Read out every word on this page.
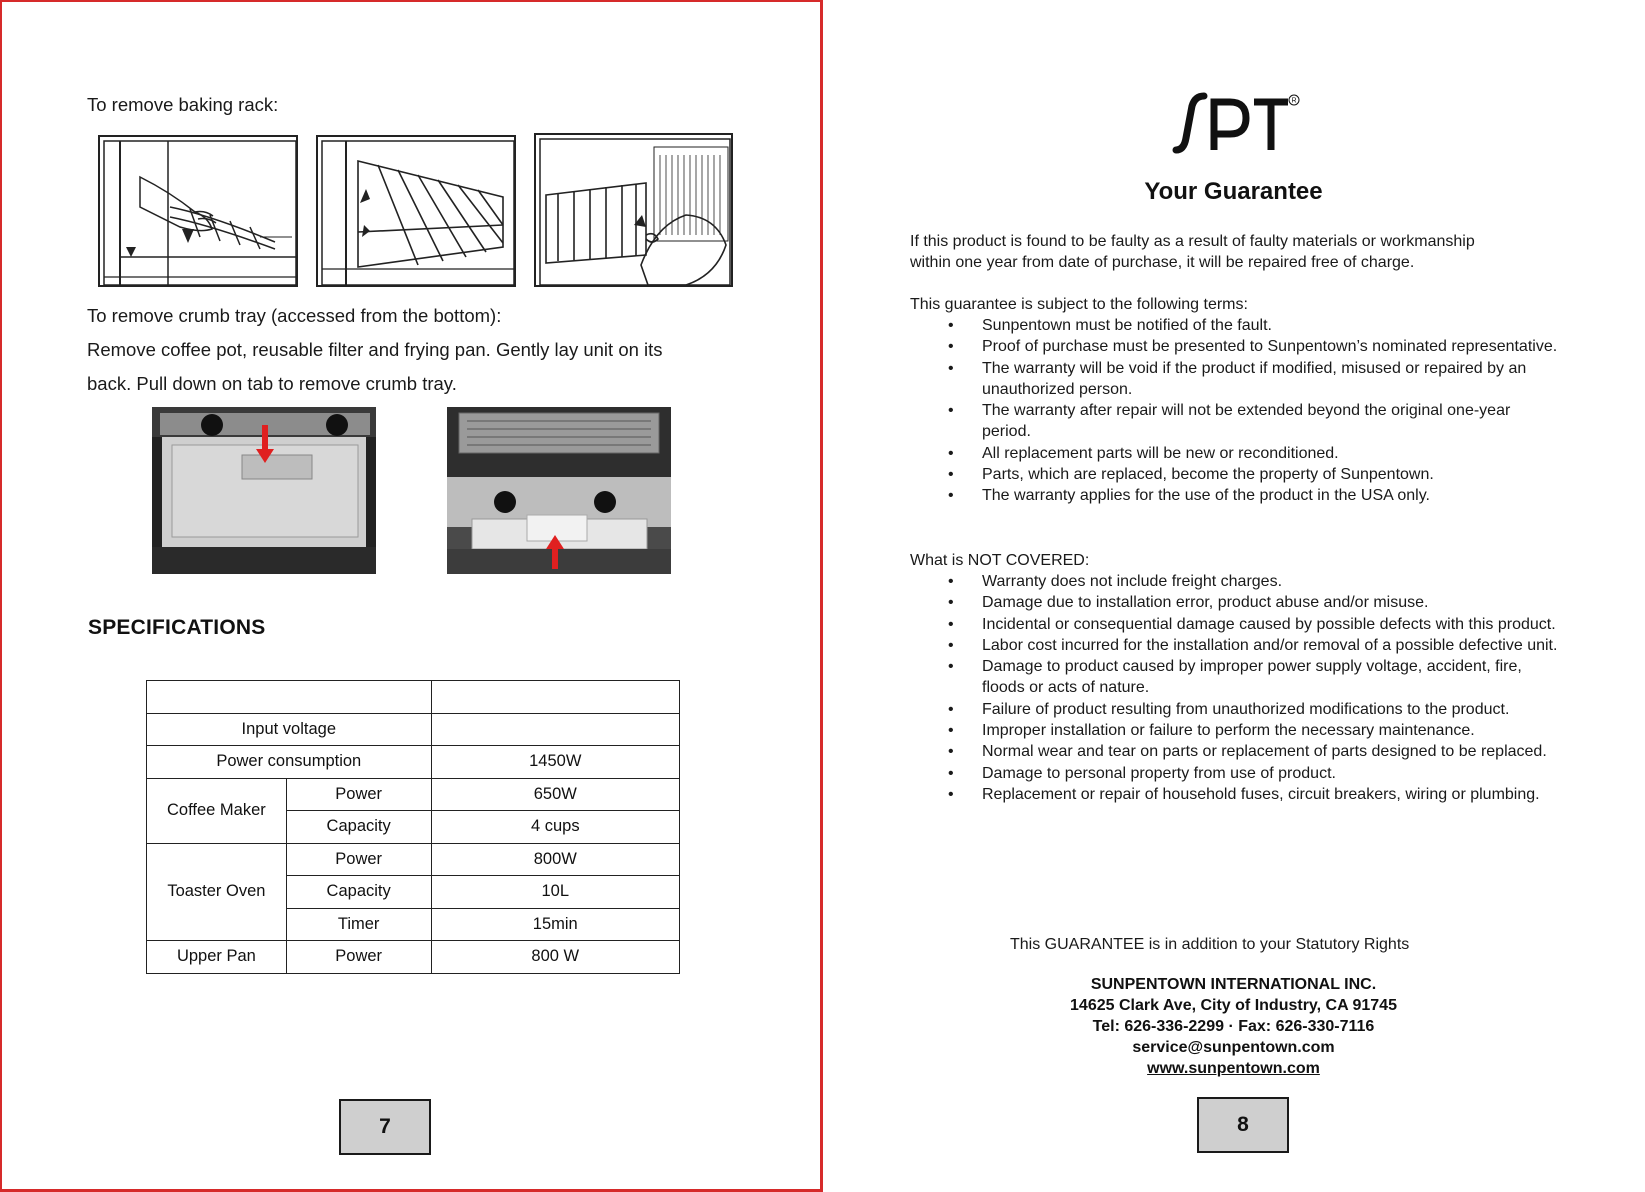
To remove baking rack:
To remove crumb tray (accessed from the bottom):
Remove coffee pot, reusable filter and frying pan. Gently lay unit on its
back. Pull down on tab to remove crumb tray.
SPECIFICATIONS

Input voltage		
Power consumption		1450W
Coffee Maker	Power	650W
	Capacity	4 cups
Toaster Oven	Power	800W
	Capacity	10L
	Timer	15min
Upper Pan	Power	800 W
7
R
Your Guarantee
If this product is found to be faulty as a result of faulty materials or workmanship
within one year from date of purchase, it will be repaired free of charge.
This guarantee is subject to the following terms:
• Sunpentown must be notified of the fault.
• Proof of purchase must be presented to Sunpentown’s nominated representative.
• The warranty will be void if the product if modified, misused or repaired by an unauthorized person.
• The warranty after repair will not be extended beyond the original one-year period.
• All replacement parts will be new or reconditioned.
• Parts, which are replaced, become the property of Sunpentown.
• The warranty applies for the use of the product in the USA only.
What is NOT COVERED:
• Warranty does not include freight charges.
• Damage due to installation error, product abuse and/or misuse.
• Incidental or consequential damage caused by possible defects with this product.
• Labor cost incurred for the installation and/or removal of a possible defective unit.
• Damage to product caused by improper power supply voltage, accident, fire, floods or acts of nature.
• Failure of product resulting from unauthorized modifications to the product.
• Improper installation or failure to perform the necessary maintenance.
• Normal wear and tear on parts or replacement of parts designed to be replaced.
• Damage to personal property from use of product.
• Replacement or repair of household fuses, circuit breakers, wiring or plumbing.
This GUARANTEE is in addition to your Statutory Rights
SUNPENTOWN INTERNATIONAL INC.
14625 Clark Ave, City of Industry, CA 91745
Tel: 626-336-2299 · Fax: 626-330-7116
service@sunpentown.com
www.sunpentown.com
8
